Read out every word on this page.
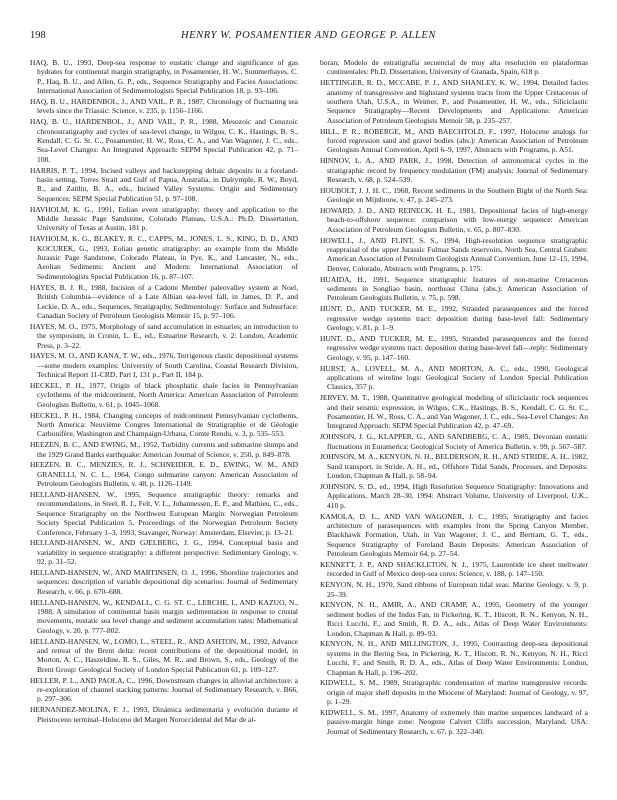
198	HENRY W. POSAMENTIER AND GEORGE P. ALLEN

HAQ, B. U., 1993, Deep-sea response to eustatic change and significance of gas hydrates for continental margin stratigraphy, in Posamentier, H. W., Summerhayes, C. P., Haq, B. U., and Allen, G. P., eds., Sequence Stratigraphy and Facies Associations: International Association of Sedimentologists Special Publication 18, p. 93–106.

HAQ, B. U., HARDENBOL, J., AND VAIL, P. R., 1987, Chronology of fluctuating sea levels since the Triassic: Science, v. 235, p. 1156–1166.

HAQ, B. U., HARDENBOL, J., AND VAIL, P. R., 1988, Mesozoic and Cenozoic chronostratigraphy and cycles of sea-level change, in Wilgus, C. K., Hastings, B. S., Kendall, C. G. St. C., Posamentier, H. W., Ross, C. A., and Van Wagoner, J. C., eds., Sea-Level Changes: An Integrated Approach: SEPM Special Publication 42, p. 71–108.

HARRIS, P. T., 1994, Incised valleys and backstepping deltaic deposits in a foreland-basin setting, Torres Strait and Gulf of Papua, Australia, in Dalrymple, R. W., Boyd, R., and Zaitlin, B. A., eds., Incised Valley Systems: Origin and Sedimentary Sequences: SEPM Special Publication 51, p. 97–108.

HAVHOLM, K. G., 1991, Eolian event stratigraphy: theory and application to the Middle Jurassic Page Sandstone, Colorado Plateau, U.S.A.: Ph.D. Dissertation, University of Texas at Austin, 181 p.

HAVHOLM, K. G., BLAKEY, R. C., CAPPS, M., JONES, L. S., KING, D. D., AND KOCUREK, G., 1993, Eolian genetic stratigraphy: an example from the Middle Jurassic Page Sandstone, Colorado Plateau, in Pye, K., and Lancaster, N., eds., Aeolian Sediments: Ancient and Modern: International Association of Sedimentologists Special Publication 16, p. 87–107.

HAYES, B. J. R., 1988, Incision of a Cadotte Member paleovalley system at Noel, British Columbia—evidence of a Late Albian sea-level fall, in James, D. P., and Leckie, D. A., eds., Sequences, Stratigraphy, Sedimentology: Surface and Subsurface: Canadian Society of Petroleum Geologists Memoir 15, p. 97–106.

HAYES, M. O., 1975, Morphology of sand accumulation in estuaries; an introduction to the symposium, in Cronin, L. E., ed., Estuarine Research, v. 2: London, Academic Press, p. 3–22.

HAYES, M. O., AND KANA, T. W., eds., 1976, Terrigenous clastic depositional systems—some modern examples: University of South Carolina, Coastal Research Division, Technical Report 11-CRD, Part I, 131 p., Part II, 184 p.

HECKEL, P. H., 1977, Origin of black phosphatic shale facies in Pennsylvanian cyclothems of the midcontinent, North America: American Association of Petroleum Geologists Bulletin, v. 61, p. 1045–1068.

HECKEL, P. H., 1984, Changing concepts of midcontinent Pennsylvanian cyclothems, North America: Neuvième Congres International de Stratigraphie et de Géologie Carbonifère, Washington and Champaign-Urbana, Comte Rendu, v. 3, p. 535–553.

HEEZEN, B. C., AND EWING, M., 1952, Turbidity currents and submarine slumps and the 1929 Grand Banks earthquake: American Journal of Science, v. 250, p. 849–878.

HEEZEN, B. C., MENZIES, R. J., SCHNEIDER, E. D., EWING, W. M., AND GRANELLI, N. C. L., 1964, Congo submarine canyon: American Association of Petroleum Geologists Bulletin, v. 48, p. 1126–1149.

HELLAND-HANSEN, W., 1995, Sequence stratigraphic theory: remarks and recommendations, in Steel, R. J., Felt, V. L., Johannessen, E. P., and Mathieu, C., eds., Sequence Stratigraphy on the Northwest European Margin: Norwegian Petroleum Society Special Publication 5, Proceedings of the Norwegian Petroleum Society Conference, February 1–3, 1993, Stavanger, Norway: Amsterdam, Elsevier, p. 13–21.

HELLAND-HANSEN, W., AND GJELBERG, J. G., 1994, Conceptual basis and variability in sequence stratigraphy: a different perspective: Sedimentary Geology, v. 92, p. 31–52.

HELLAND-HANSEN, W., AND MARTINSEN, O. J., 1996, Shoreline trajectories and sequences: description of variable depositional dip scenarios: Journal of Sedimentary Research, v. 66, p. 670–688.

HELLAND-HANSEN, W., KENDALL, C. G. ST. C., LERCHE, I., AND KAZUO, N., 1988, A simulation of continental basin margin sedimentation in response to crustal movements, eustatic sea level change and sediment accumulation rates: Mathematical Geology, v. 20, p. 777–802.

HELLAND-HANSEN, W., LOMO, L., STEEL, R., AND ASHTON, M., 1992, Advance and retreat of the Brent delta: recent contributions of the depositional model, in Morton, A. C., Haszeldine, R. S., Giles, M. R., and Brown, S., eds., Geology of the Brent Group: Geological Society of London Special Publication 61, p. 109–127.

HELLER, P. L., AND PAOLA, C., 1996, Downstream changes in alluvial architecture: a re-exploration of channel stacking patterns: Journal of Sedimentary Research, v. B66, p. 297–306.

HERNANDEZ-MOLINA, F. J., 1993, Dinámica sedimentaria y evolución durante el Pleistoceno terminal–Holoceno del Margen Noroccidental del Mar de al-

boran; Modelo de estratigrafía secuencial de muy alta resolución en plataformas continentales: Ph.D. Dissertation, University of Granada, Spain, 618 p.

HETTINGER, R. D., MCCABE, P. J., AND SHANLEY, K. W., 1994, Detailed facies anatomy of transgressive and highstand systems tracts from the Upper Cretaceous of southern Utah, U.S.A., in Weimer, P., and Posamentier, H. W., eds., Siliciclastic Sequence Stratigraphy—Recent Developments and Applications: American Association of Petroleum Geologists Memoir 58, p. 235–257.

HILL, P. R., ROBERGE, M., AND BAECHTOLD, F., 1997, Holocene analogs for forced regression sand and gravel bodies (abs.): American Association of Petroleum Geologists Annual Convention, April 6–9, 1997, Abstracts with Programs, p. A51.

HINNOV, L. A., AND PARK, J., 1998, Detection of astronomical cycles in the stratigraphic record by frequency modulation (FM) analysis: Journal of Sedimentary Research, v. 68, p. 524–539.

HOUBOLT, J. J. H. C., 1968, Recent sediments in the Southern Bight of the North Sea: Geologie en Mijnbouw, v. 47, p. 245–273.

HOWARD, J. D., AND REINECK, H. E., 1981, Depositional facies of high-energy beach-to-offshore sequence: comparison with low-energy sequence: American Association of Petroleum Geologists Bulletin, v. 65, p. 807–830.

HOWELL, J., AND FLINT, S. S., 1994, High-resolution sequence stratigraphic reappraisal of the upper Jurassic Fulmar Sands reservoirs, North Sea, Central Graben: American Association of Petroleum Geologists Annual Convention, June 12–15, 1994, Denver, Colorado, Abstracts with Programs, p. 175.

HUAIDA, H., 1991, Sequence stratigraphic features of non-marine Cretaceous sediments in Songliao basin, northeast China (abs.): American Association of Petroleum Geologists Bulletin, v. 75, p. 598.

HUNT, D., AND TUCKER, M. E., 1992, Stranded parasequences and the forced regressive wedge systems tract: deposition during base-level fall: Sedimentary Geology, v. 81, p. 1–9.

HUNT, D., AND TUCKER, M. E., 1995, Stranded parasequences and the forced regressive wedge systems tract: deposition during base-level fall—reply: Sedimentary Geology, v. 95, p. 147–160.

HURST, A., LOVELL, M. A., AND MORTON, A. C., eds., 1990, Geological applications of wireline logs: Geological Society of London Special Publication Classics, 357 p.

JERVEY, M. T., 1988, Quantitative geological modeling of siliciclastic rock sequences and their seismic expression, in Wilgus, C.K., Hastings, B. S., Kendall, C. G. St. C., Posamentier, H. W., Ross, C. A., and Van Wagoner, J. C., eds., Sea-Level Changes: An Integrated Approach: SEPM Special Publication 42, p. 47–69.

JOHNSON, J. G., KLAPPER, G., AND SANDBERG, C. A., 1985, Devonian eustatic fluctuations in Euramerica: Geological Society of America Bulletin, v. 99, p. 567–587.

JOHNSON, M. A., KENYON, N. H., BELDERSON, R. H., AND STRIDE, A. H., 1982, Sand transport, in Stride, A. H., ed., Offshore Tidal Sands, Processes, and Deposits: London, Chapman & Hall, p. 58–94.

JOHNSON, S. D., ed., 1994, High Resolution Sequence Stratigraphy: Innovations and Applications, March 28–30, 1994: Abstract Volume, University of Liverpool, U.K., 410 p.

KAMOLA, D. L., AND VAN WAGONER, J. C., 1995, Stratigraphy and facies architecture of parasequences with examples from the Spring Canyon Member, Blackhawk Formation, Utah, in Van Wagoner, J. C., and Bertram, G. T., eds., Sequence Stratigraphy of Foreland Basin Deposits: American Association of Petroleum Geologists Memoir 64, p. 27–54.

KENNETT, J. P., AND SHACKLETON, N. J., 1975, Laurentide ice sheet meltwater recorded in Gulf of Mexico deep-sea cores: Science, v. 188, p. 147–150.

KENYON, N. H., 1970, Sand ribbons of European tidal seas: Marine Geology, v. 9, p. 25–39.

KENYON, N. H., AMIR, A., AND CRAMP, A., 1995, Geometry of the younger sediment bodies of the Indus Fan, in Pickering, K. T., Hiscott, R. N., Kenyon, N. H., Ricci Lucchi, F., and Smith, R. D. A., eds., Atlas of Deep Water Environments: London, Chapman & Hall, p. 89–93.

KENYON, N. H., AND MILLINGTON, J., 1995, Contrasting deep-sea depositional systems in the Bering Sea, in Pickering, K. T., Hiscott, R. N., Kenyon, N. H., Ricci Lucchi, F., and Smith, R. D. A., eds., Atlas of Deep Water Environments: London, Chapman & Hall, p. 196–202.

KIDWELL, S. M., 1989, Stratigraphic condensation of marine transgressive records: origin of major shell deposits in the Miocene of Maryland: Journal of Geology, v. 97, p. 1–29.

KIDWELL, S. M., 1997, Anatomy of extremely thin marine sequences landward of a passive-margin hinge zone: Neogene Calvert Cliffs succession, Maryland, USA: Journal of Sedimentary Research, v. 67, p. 322–340.
